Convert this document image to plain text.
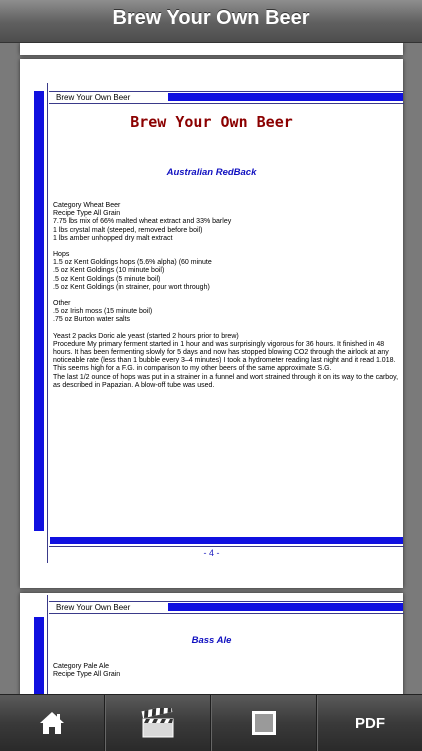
Brew Your Own Beer
Brew Your Own Beer
Brew Your Own Beer
Australian RedBack
Category Wheat Beer
Recipe Type All Grain
7.75 lbs mix of 66% malted wheat extract and 33% barley
1 lbs crystal malt (steeped, removed before boil)
1 lbs amber unhopped dry malt extract
Hops
1.5 oz Kent Goldings hops (5.6% alpha) (60 minute
.5 oz Kent Goldings (10 minute boil)
.5 oz Kent Goldings (5 minute boil)
.5 oz Kent Goldings (in strainer, pour wort through)
Other
.5 oz Irish moss (15 minute boil)
.75 oz Burton water salts
Yeast 2 packs Doric ale yeast (started 2 hours prior to brew)
Procedure My primary ferment started in 1 hour and was surprisingly vigorous for 36 hours. It finished in 48 hours. It has been fermenting slowly for 5 days and now has stopped blowing CO2 through the airlock at any noticeable rate (less than 1 bubble every 3–4 minutes) I took a hydrometer reading last night and it read 1.018. This seems high for a F.G. in comparison to my other beers of the same approximate S.G.
The last 1/2 ounce of hops was put in a strainer in a funnel and wort strained through it on its way to the carboy, as described in Papazian. A blow-off tube was used.
- 4 -
Brew Your Own Beer
Bass Ale
Category Pale Ale
Recipe Type All Grain
PDF
